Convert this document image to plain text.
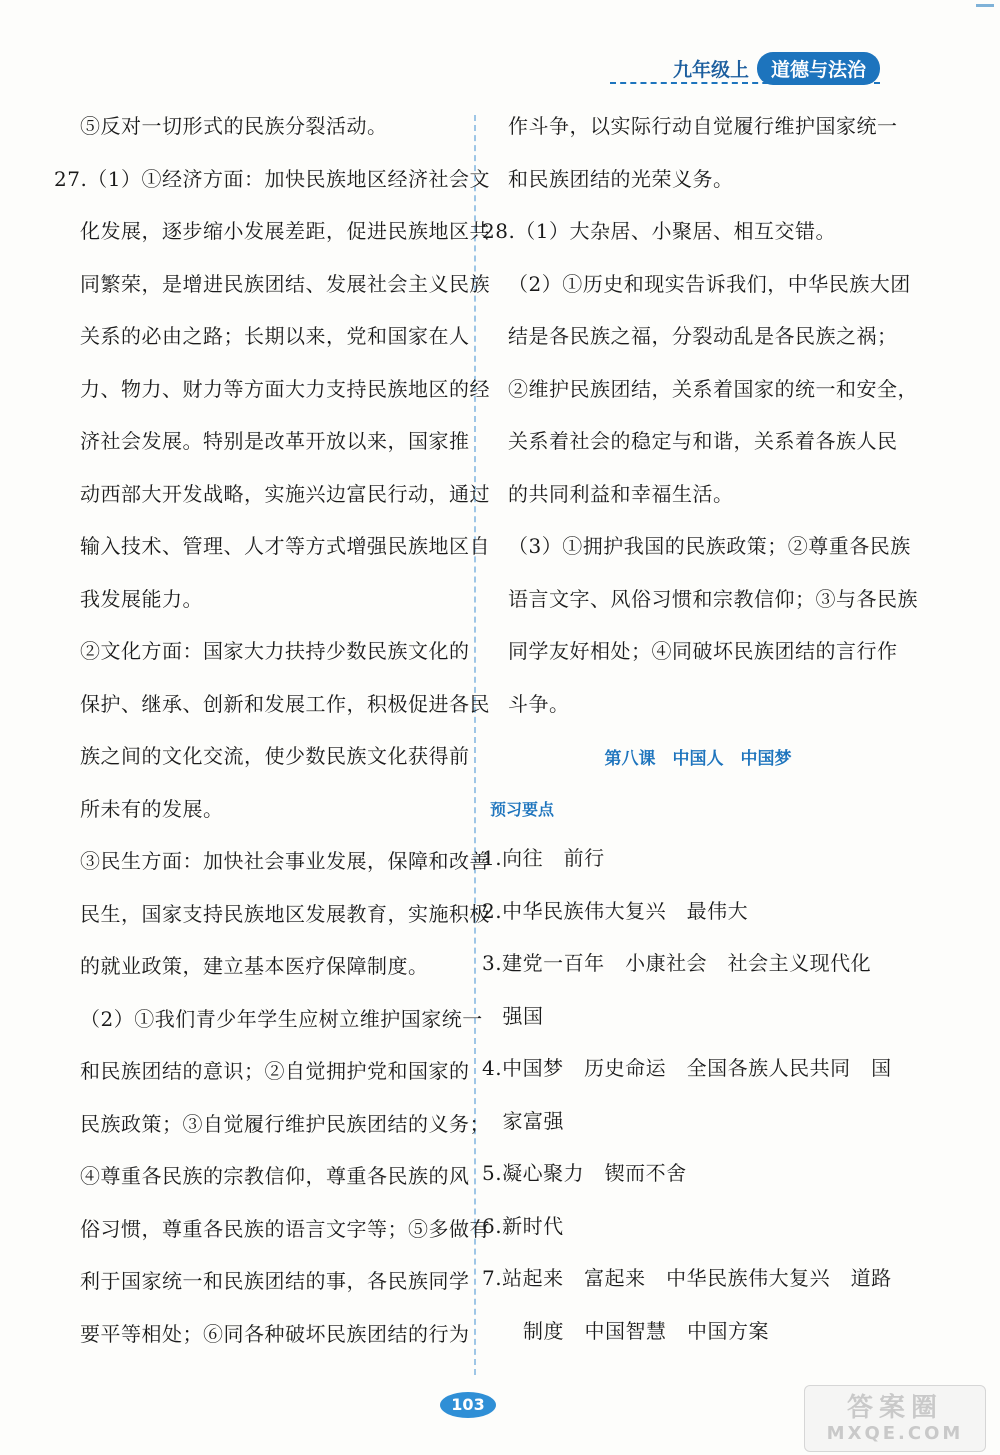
九年级上	道德与法治
⑤反对一切形式的民族分裂活动。
27.（1）①经济方面：加快民族地区经济社会文
化发展，逐步缩小发展差距，促进民族地区共
同繁荣，是增进民族团结、发展社会主义民族
关系的必由之路；长期以来，党和国家在人
力、物力、财力等方面大力支持民族地区的经
济社会发展。特别是改革开放以来，国家推
动西部大开发战略，实施兴边富民行动，通过
输入技术、管理、人才等方式增强民族地区自
我发展能力。
②文化方面：国家大力扶持少数民族文化的
保护、继承、创新和发展工作，积极促进各民
族之间的文化交流，使少数民族文化获得前
所未有的发展。
③民生方面：加快社会事业发展，保障和改善
民生，国家支持民族地区发展教育，实施积极
的就业政策，建立基本医疗保障制度。
（2）①我们青少年学生应树立维护国家统一
和民族团结的意识；②自觉拥护党和国家的
民族政策；③自觉履行维护民族团结的义务；
④尊重各民族的宗教信仰，尊重各民族的风
俗习惯，尊重各民族的语言文字等；⑤多做有
利于国家统一和民族团结的事，各民族同学
要平等相处；⑥同各种破坏民族团结的行为
作斗争，以实际行动自觉履行维护国家统一
和民族团结的光荣义务。
28.（1）大杂居、小聚居、相互交错。
（2）①历史和现实告诉我们，中华民族大团
结是各民族之福，分裂动乱是各民族之祸；
②维护民族团结，关系着国家的统一和安全，
关系着社会的稳定与和谐，关系着各族人民
的共同利益和幸福生活。
（3）①拥护我国的民族政策；②尊重各民族
语言文字、风俗习惯和宗教信仰；③与各民族
同学友好相处；④同破坏民族团结的言行作
斗争。
第八课　中国人　中国梦
预习要点
1.向往　前行
2.中华民族伟大复兴　最伟大
3.建党一百年　小康社会　社会主义现代化
　强国
4.中国梦　历史命运　全国各族人民共同　国
　家富强
5.凝心聚力　锲而不舍
6.新时代
7.站起来　富起来　中华民族伟大复兴　道路
　　制度　中国智慧　中国方案
103	答案圈
MXQE.COM
